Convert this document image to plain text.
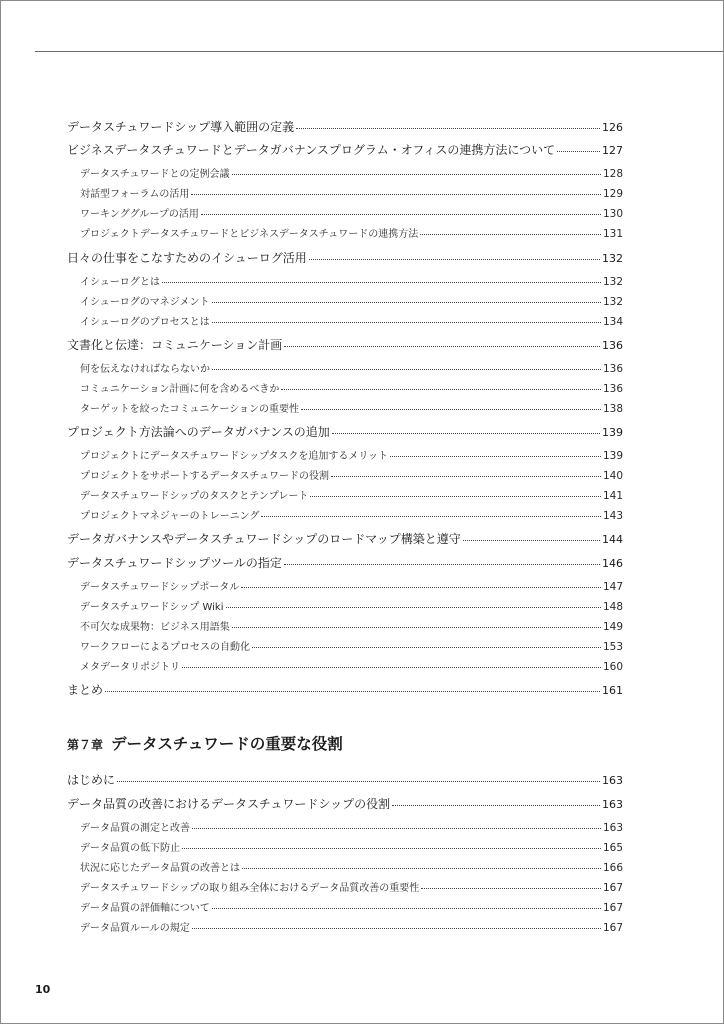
データスチュワードシップ導入範囲の定義	126
ビジネスデータスチュワードとデータガバナンスプログラム・オフィスの連携方法について	127
データスチュワードとの定例会議	128
対話型フォーラムの活用	129
ワーキンググループの活用	130
プロジェクトデータスチュワードとビジネスデータスチュワードの連携方法	131
日々の仕事をこなすためのイシューログ活用	132
イシューログとは	132
イシューログのマネジメント	132
イシューログのプロセスとは	134
文書化と伝達：コミュニケーション計画	136
何を伝えなければならないか	136
コミュニケーション計画に何を含めるべきか	136
ターゲットを絞ったコミュニケーションの重要性	138
プロジェクト方法論へのデータガバナンスの追加	139
プロジェクトにデータスチュワードシップタスクを追加するメリット	139
プロジェクトをサポートするデータスチュワードの役割	140
データスチュワードシップのタスクとテンプレート	141
プロジェクトマネジャーのトレーニング	143
データガバナンスやデータスチュワードシップのロードマップ構築と遵守	144
データスチュワードシップツールの指定	146
データスチュワードシップポータル	147
データスチュワードシップ Wiki	148
不可欠な成果物：ビジネス用語集	149
ワークフローによるプロセスの自動化	153
メタデータリポジトリ	160
まとめ	161
第７章 データスチュワードの重要な役割
はじめに	163
データ品質の改善におけるデータスチュワードシップの役割	163
データ品質の測定と改善	163
データ品質の低下防止	165
状況に応じたデータ品質の改善とは	166
データスチュワードシップの取り組み全体におけるデータ品質改善の重要性	167
データ品質の評価軸について	167
データ品質ルールの規定	167
10
